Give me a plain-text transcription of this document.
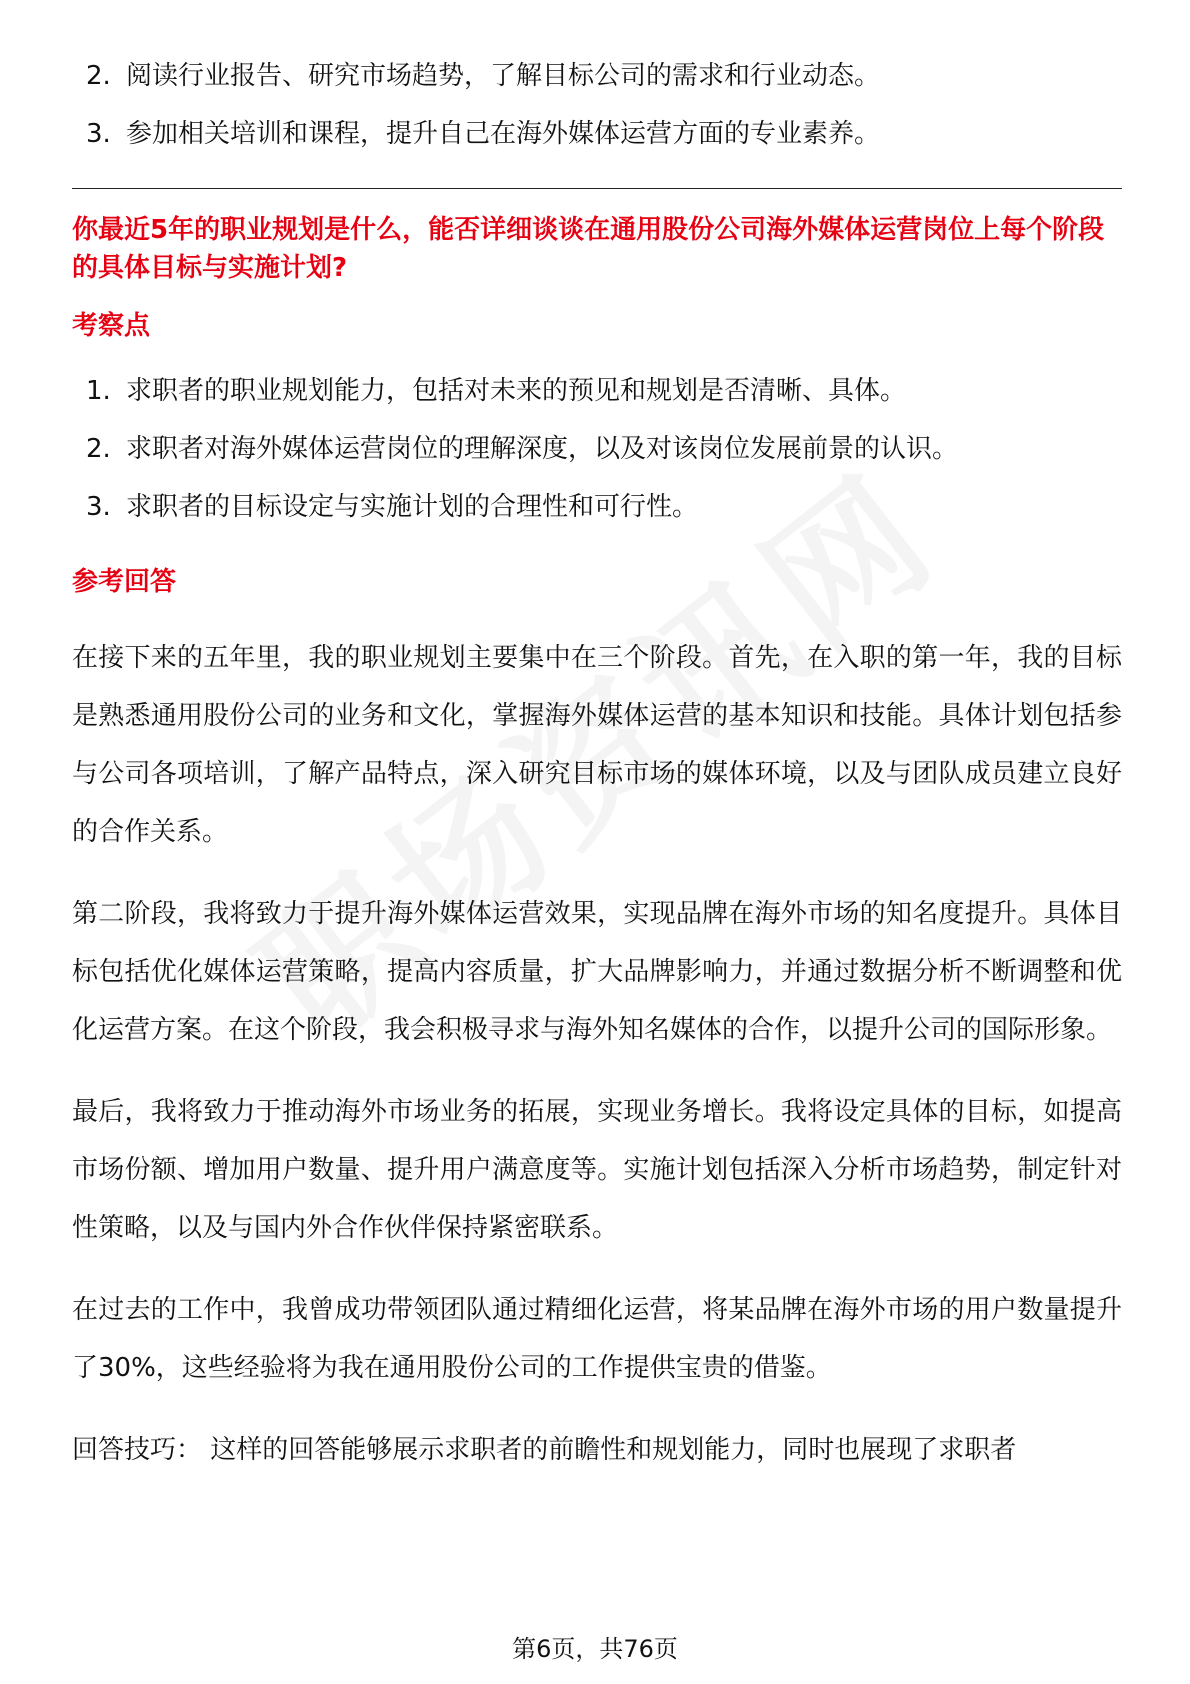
2. 阅读行业报告、研究市场趋势，了解目标公司的需求和行业动态。
3. 参加相关培训和课程，提升自己在海外媒体运营方面的专业素养。
你最近5年的职业规划是什么，能否详细谈谈在通用股份公司海外媒体运营岗位上每个阶段的具体目标与实施计划?
考察点
1. 求职者的职业规划能力，包括对未来的预见和规划是否清晰、具体。
2. 求职者对海外媒体运营岗位的理解深度，以及对该岗位发展前景的认识。
3. 求职者的目标设定与实施计划的合理性和可行性。
参考回答

在接下来的五年里，我的职业规划主要集中在三个阶段。首先，在入职的第一年，我的目标是熟悉通用股份公司的业务和文化，掌握海外媒体运营的基本知识和技能。具体计划包括参与公司各项培训，了解产品特点，深入研究目标市场的媒体环境，以及与团队成员建立良好的合作关系。

第二阶段，我将致力于提升海外媒体运营效果，实现品牌在海外市场的知名度提升。具体目标包括优化媒体运营策略，提高内容质量，扩大品牌影响力，并通过数据分析不断调整和优化运营方案。在这个阶段，我会积极寻求与海外知名媒体的合作，以提升公司的国际形象。

最后，我将致力于推动海外市场业务的拓展，实现业务增长。我将设定具体的目标，如提高市场份额、增加用户数量、提升用户满意度等。实施计划包括深入分析市场趋势，制定针对性策略，以及与国内外合作伙伴保持紧密联系。

在过去的工作中，我曾成功带领团队通过精细化运营，将某品牌在海外市场的用户数量提升了30%，这些经验将为我在通用股份公司的工作提供宝贵的借鉴。

回答技巧： 这样的回答能够展示求职者的前瞻性和规划能力，同时也展现了求职者

第6页，共76页
